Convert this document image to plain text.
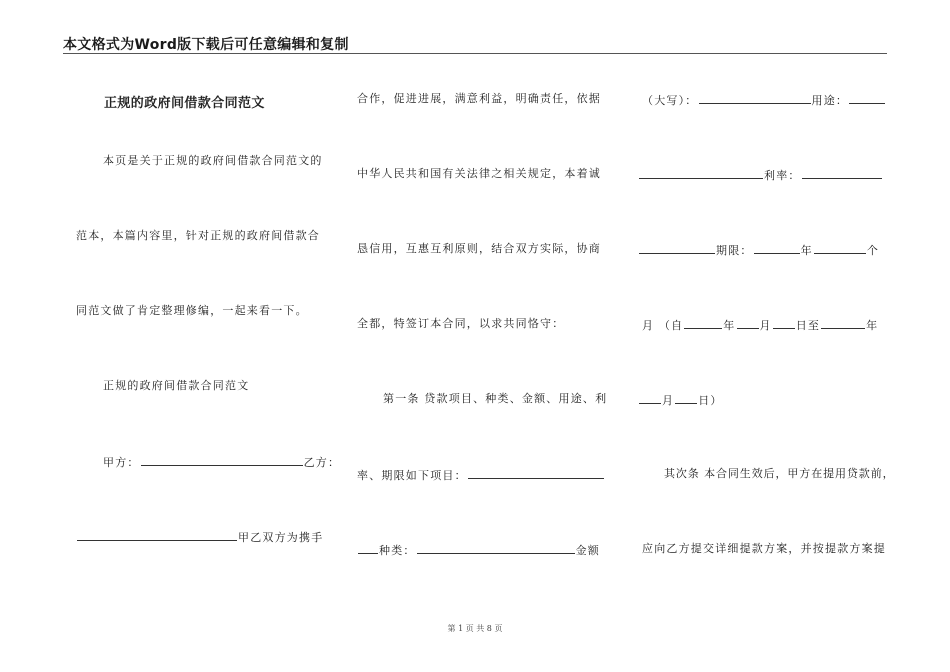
本文格式为Word版下载后可任意编辑和复制
正规的政府间借款合同范文
本页是关于正规的政府间借款合同范文的
范本，本篇内容里，针对正规的政府间借款合
同范文做了肯定整理修编，一起来看一下。
正规的政府间借款合同范文
甲方：	乙方：
甲乙双方为携手
合作，促进进展，满意利益，明确责任，依据
中华人民共和国有关法律之相关规定，本着诚
恳信用，互惠互利原则，结合双方实际，协商
全都，特签订本合同，以求共同恪守：
第一条 贷款项目、种类、金额、用途、利
率、期限如下项目：
种类：	金额
（大写）：	用途：
利率：
期限：	年	个
月 （自	年 月 日至	年
月 日）
其次条 本合同生效后，甲方在提用贷款前，
应向乙方提交详细提款方案，并按提款方案提
第 1 页 共 8 页
